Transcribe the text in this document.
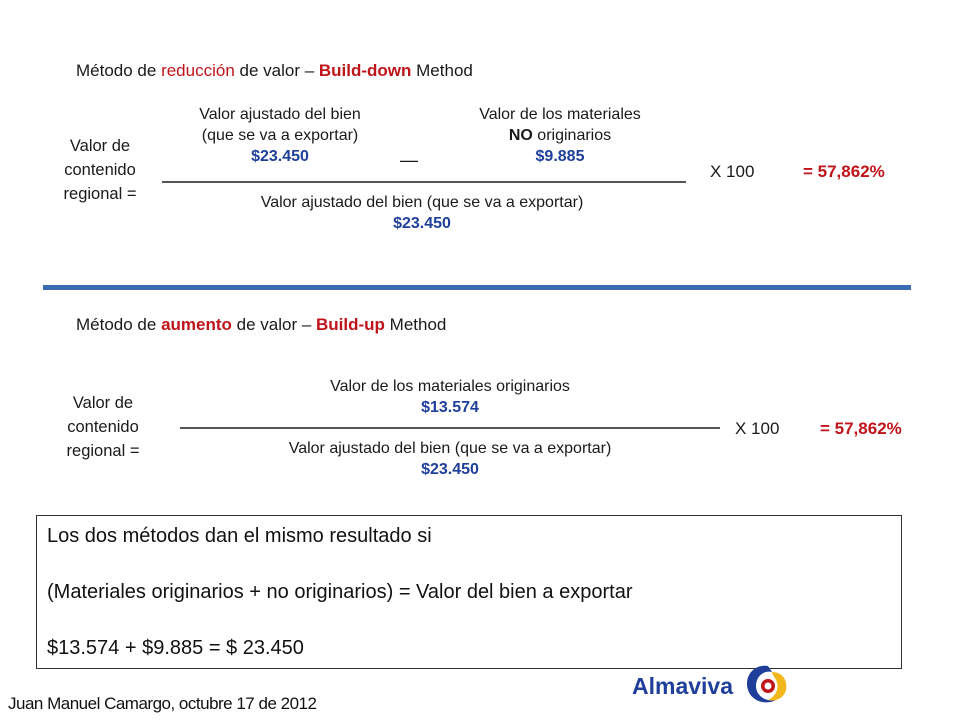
Método de reducción de valor – Build-down Method
Valor de
contenido
regional =
Valor ajustado del bien
(que se va a exportar)
$23.450	—
Valor de los materiales
NO originarios
$9.885
Valor ajustado del bien (que se va a exportar)
$23.450
X 100	= 57,862%
Método de aumento de valor – Build-up Method
Valor de
contenido
regional =
Valor de los materiales originarios
$13.574
Valor ajustado del bien (que se va a exportar)
$23.450
X 100 = 57,862%
Los dos métodos dan el mismo resultado si
(Materiales originarios + no originarios) = Valor del bien a exportar
$13.574 + $9.885 = $ 23.450
Juan Manuel Camargo, octubre 17 de 2012
Almaviva
